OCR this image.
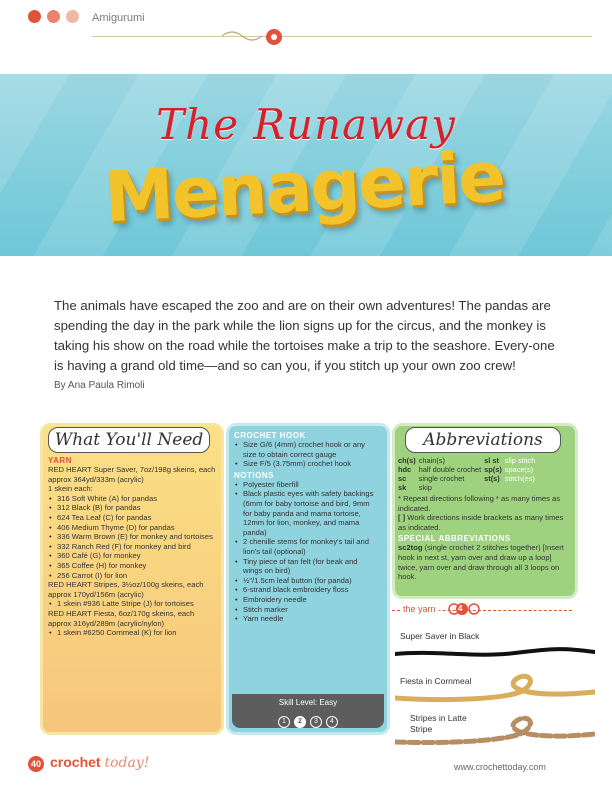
Amigurumi
The Runaway
Menagerie
The animals have escaped the zoo and are on their own adventures! The pandas are spending the day in the park while the lion signs up for the circus, and the monkey is taking his show on the road while the tortoises make a trip to the seashore. Every-one is having a grand old time—and so can you, if you stitch up your own zoo crew!
By Ana Paula Rimoli
What You'll Need
YARN
RED HEART Super Saver, 7oz/198g skeins, each approx 364yd/333m (acrylic)
1 skein each:
• 316 Soft White (A) for pandas
• 312 Black (B) for pandas
• 624 Tea Leaf (C) for pandas
• 406 Medium Thyme (D) for pandas
• 336 Warm Brown (E) for monkey and tortoises
• 332 Ranch Red (F) for monkey and bird
• 360 Café (G) for monkey
• 365 Coffee (H) for monkey
• 256 Carrot (I) for lion
RED HEART Stripes, 3½oz/100g skeins, each approx 170yd/156m (acrylic)
• 1 skein #936 Latte Stripe (J) for tortoises
RED HEART Fiesta, 6oz/170g skeins, each approx 316yd/289m (acrylic/nylon)
• 1 skein #6250 Cornmeal (K) for lion
CROCHET HOOK
• Size G/6 (4mm) crochet hook or any size to obtain correct gauge
• Size F/5 (3.75mm) crochet hook
NOTIONS
• Polyester fiberfill
• Black plastic eyes with safety backings (6mm for baby tortoise and bird, 9mm for baby panda and mama tortoise, 12mm for lion, monkey, and mama panda)
• 2 chenille stems for monkey's tail and lion's tail (optional)
• Tiny piece of tan felt (for beak and wings on bird)
• ½"/1.5cm leaf button (for panda)
• 6-strand black embroidery floss
• Embroidery needle
• Stitch marker
• Yarn needle
Skill Level: Easy
1 2 3 4
Abbreviations
ch(s)	chain(s)	sl st	slip stitch
hdc	half double crochet	sp(s)	space(s)
sc	single crochet	st(s)	stitch(es)
sk	skip		
* Repeat directions following * as many times as indicated.
[ ] Work directions inside brackets as many times as indicated.
SPECIAL ABBREVIATIONS
sc2tog (single crochet 2 stitches together) [Insert hook in next st, yarn over and draw up a loop] twice, yarn over and draw through all 3 loops on hook.
the yarn	4
Super Saver in Black
Fiesta in Cornmeal
Stripes in Latte Stripe
40 crochet today!	www.crochettoday.com
